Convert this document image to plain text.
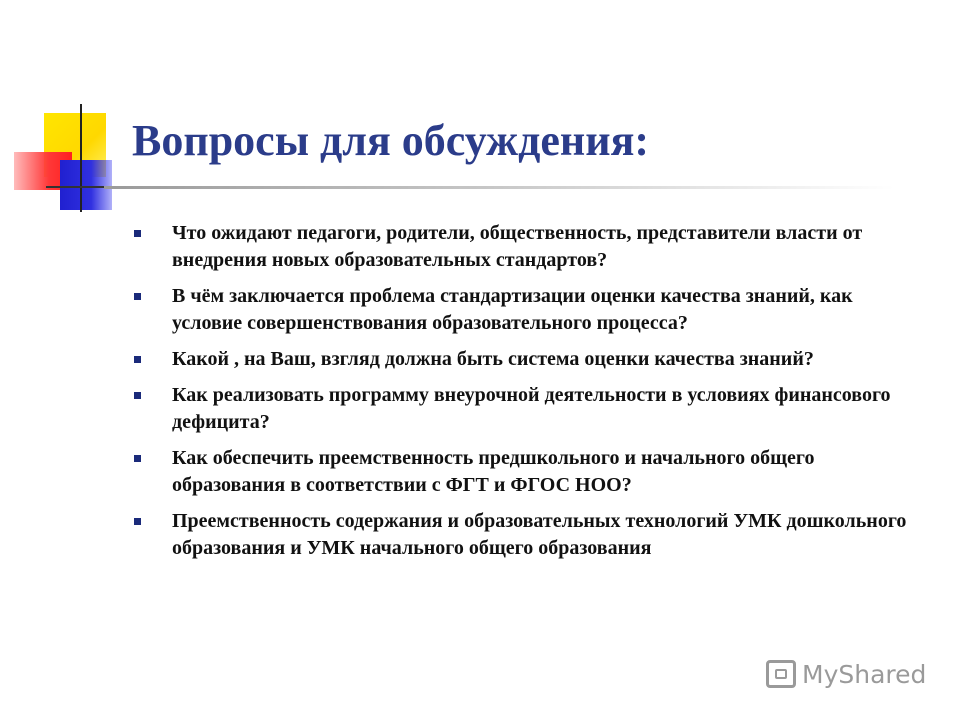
Вопросы для обсуждения:
Что ожидают педагоги, родители, общественность, представители власти от внедрения новых образовательных стандартов?
В чём заключается проблема стандартизации оценки качества знаний, как условие совершенствования образовательного процесса?
Какой , на Ваш, взгляд должна быть система оценки качества знаний?
Как реализовать программу внеурочной деятельности в условиях финансового дефицита?
Как обеспечить преемственность предшкольного и начального общего образования в соответствии с ФГТ и ФГОС НОО?
Преемственность содержания и образовательных технологий УМК дошкольного образования и УМК начального общего образования
MyShared
